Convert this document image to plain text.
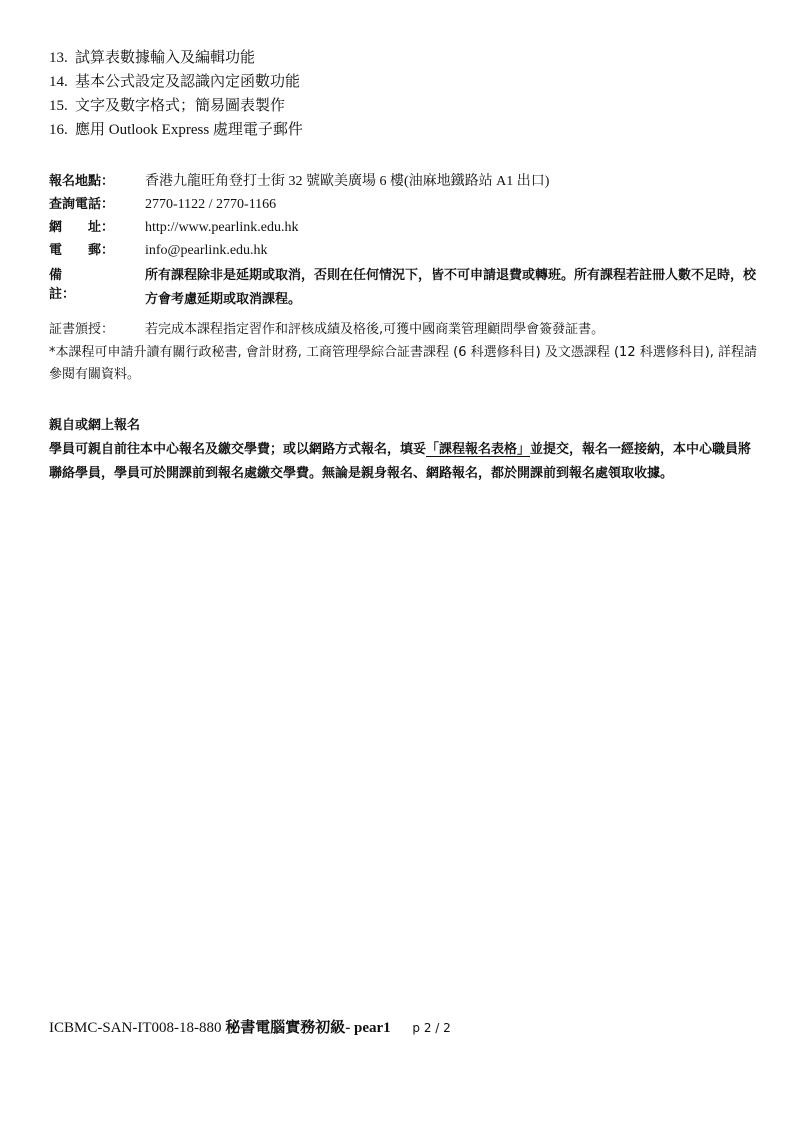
13. 試算表數據輸入及編輯功能
14. 基本公式設定及認識內定函數功能
15. 文字及數字格式；簡易圖表製作
16. 應用 Outlook Express 處理電子郵件
報名地點：	香港九龍旺角登打士街 32 號歐美廣場 6 樓(油麻地鐵路站 A1 出口)
查詢電話：	2770-1122 / 2770-1166
網　　址：	http://www.pearlink.edu.hk
電　　郵：	info@pearlink.edu.hk
備　　註：
所有課程除非是延期或取消，否則在任何情況下，皆不可申請退費或轉班。所有課程若註冊人數不足時，校方會考慮延期或取消課程。
証書頒授： 若完成本課程指定習作和評核成績及格後,可獲中國商業管理顧問學會簽發証書。
*本課程可申請升讀有關行政秘書, 會計財務, 工商管理學綜合証書課程 (6 科選修科目) 及文憑課程 (12 科選修科目), 詳程請參閱有關資料。
親自或網上報名
學員可親自前往本中心報名及繳交學費；或以網路方式報名，填妥「課程報名表格」並提交，報名一經接納，本中心職員將聯絡學員，學員可於開課前到報名處繳交學費。無論是親身報名、網路報名，都於開課前到報名處領取收據。
ICBMC-SAN-IT008-18-880 秘書電腦實務初級- pear1 p 2 / 2
